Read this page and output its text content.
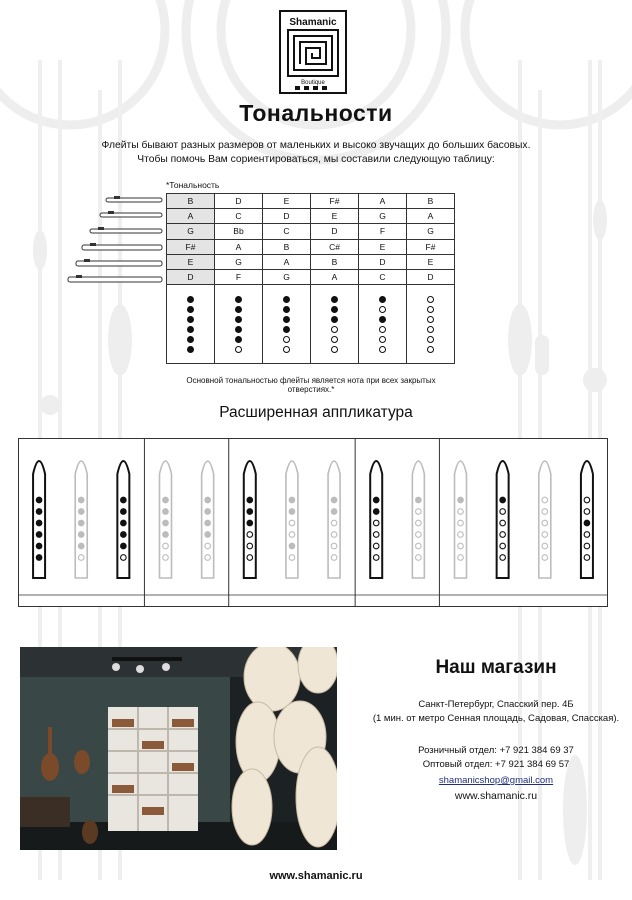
Shamanic
Boutique
Тональности
Флейты бывают разных размеров от маленьких и высоко звучащих до больших басовых.
Чтобы помочь Вам сориентироваться, мы составили следующую таблицу:
*Тональность
B	D	E	F#	A	B
A	C	D	E	G	A
G	Bb	C	D	F	G
F#	A	B	C#	E	F#
E	G	A	B	D	E
D	F	G	A	C	D

Основной тональностью флейты является нота при всех закрытых отверстиях.*
Расширенная аппликатура
Наш магазин
Санкт-Петербург, Спасский пер. 4Б
(1 мин. от метро Сенная площадь, Садовая, Спасская).
Розничный отдел: +7 921 384 69 37
Оптовый отдел: +7 921 384 69 57
shamanicshop@gmail.com
www.shamanic.ru
www.shamanic.ru
